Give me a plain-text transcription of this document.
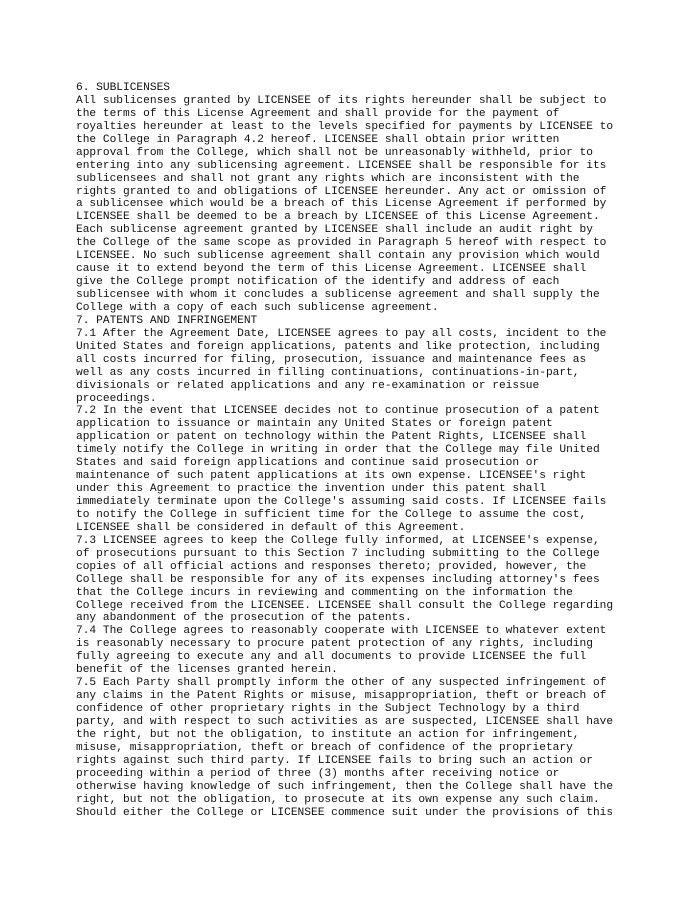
6. SUBLICENSES
All sublicenses granted by LICENSEE of its rights hereunder shall be subject to
the terms of this License Agreement and shall provide for the payment of
royalties hereunder at least to the levels specified for payments by LICENSEE to
the College in Paragraph 4.2 hereof. LICENSEE shall obtain prior written
approval from the College, which shall not be unreasonably withheld, prior to
entering into any sublicensing agreement. LICENSEE shall be responsible for its
sublicensees and shall not grant any rights which are inconsistent with the
rights granted to and obligations of LICENSEE hereunder. Any act or omission of
a sublicensee which would be a breach of this License Agreement if performed by
LICENSEE shall be deemed to be a breach by LICENSEE of this License Agreement.
Each sublicense agreement granted by LICENSEE shall include an audit right by
the College of the same scope as provided in Paragraph 5 hereof with respect to
LICENSEE. No such sublicense agreement shall contain any provision which would
cause it to extend beyond the term of this License Agreement. LICENSEE shall
give the College prompt notification of the identify and address of each
sublicensee with whom it concludes a sublicense agreement and shall supply the
College with a copy of each such sublicense agreement.
7. PATENTS AND INFRINGEMENT
7.1 After the Agreement Date, LICENSEE agrees to pay all costs, incident to the
United States and foreign applications, patents and like protection, including
all costs incurred for filing, prosecution, issuance and maintenance fees as
well as any costs incurred in filling continuations, continuations-in-part,
divisionals or related applications and any re-examination or reissue
proceedings.
7.2 In the event that LICENSEE decides not to continue prosecution of a patent
application to issuance or maintain any United States or foreign patent
application or patent on technology within the Patent Rights, LICENSEE shall
timely notify the College in writing in order that the College may file United
States and said foreign applications and continue said prosecution or
maintenance of such patent applications at its own expense. LICENSEE's right
under this Agreement to practice the invention under this patent shall
immediately terminate upon the College's assuming said costs. If LICENSEE fails
to notify the College in sufficient time for the College to assume the cost,
LICENSEE shall be considered in default of this Agreement.
7.3 LICENSEE agrees to keep the College fully informed, at LICENSEE's expense,
of prosecutions pursuant to this Section 7 including submitting to the College
copies of all official actions and responses thereto; provided, however, the
College shall be responsible for any of its expenses including attorney's fees
that the College incurs in reviewing and commenting on the information the
College received from the LICENSEE. LICENSEE shall consult the College regarding
any abandonment of the prosecution of the patents.
7.4 The College agrees to reasonably cooperate with LICENSEE to whatever extent
is reasonably necessary to procure patent protection of any rights, including
fully agreeing to execute any and all documents to provide LICENSEE the full
benefit of the licenses granted herein.
7.5 Each Party shall promptly inform the other of any suspected infringement of
any claims in the Patent Rights or misuse, misappropriation, theft or breach of
confidence of other proprietary rights in the Subject Technology by a third
party, and with respect to such activities as are suspected, LICENSEE shall have
the right, but not the obligation, to institute an action for infringement,
misuse, misappropriation, theft or breach of confidence of the proprietary
rights against such third party. If LICENSEE fails to bring such an action or
proceeding within a period of three (3) months after receiving notice or
otherwise having knowledge of such infringement, then the College shall have the
right, but not the obligation, to prosecute at its own expense any such claim.
Should either the College or LICENSEE commence suit under the provisions of this
